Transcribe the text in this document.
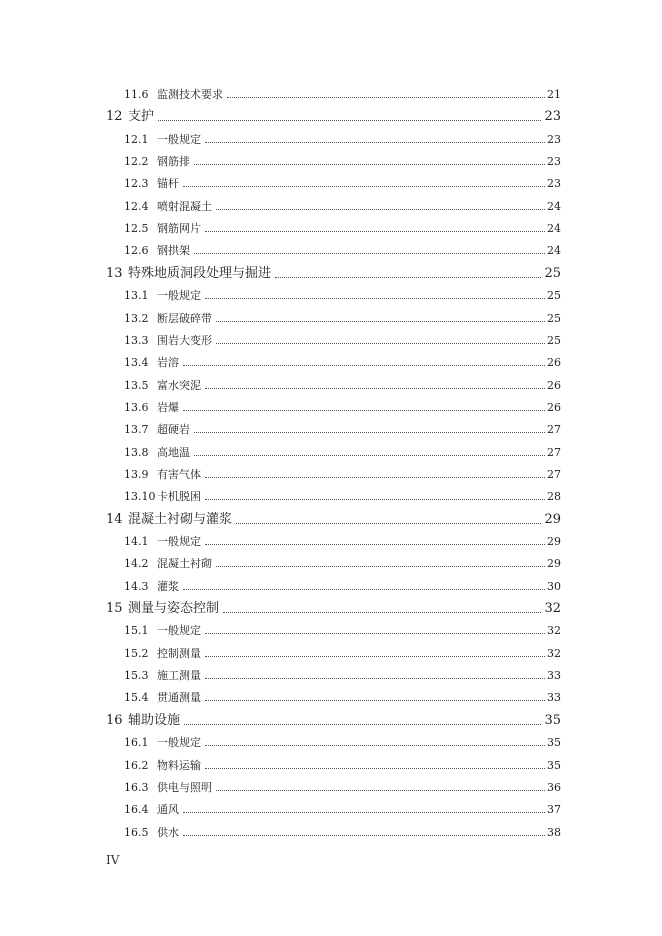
11.6 监测技术要求	21
12 支护	23
12.1 一般规定	23
12.2 钢筋排	23
12.3 锚杆	23
12.4 喷射混凝土	24
12.5 钢筋网片	24
12.6 钢拱架	24
13 特殊地质洞段处理与掘进	25
13.1 一般规定	25
13.2 断层破碎带	25
13.3 围岩大变形	25
13.4 岩溶	26
13.5 富水突泥	26
13.6 岩爆	26
13.7 超硬岩	27
13.8 高地温	27
13.9 有害气体	27
13.10 卡机脱困	28
14 混凝土衬砌与灌浆	29
14.1 一般规定	29
14.2 混凝土衬砌	29
14.3 灌浆	30
15 测量与姿态控制	32
15.1 一般规定	32
15.2 控制测量	32
15.3 施工测量	33
15.4 贯通测量	33
16 辅助设施	35
16.1 一般规定	35
16.2 物料运输	35
16.3 供电与照明	36
16.4 通风	37
16.5 供水	38
IV
